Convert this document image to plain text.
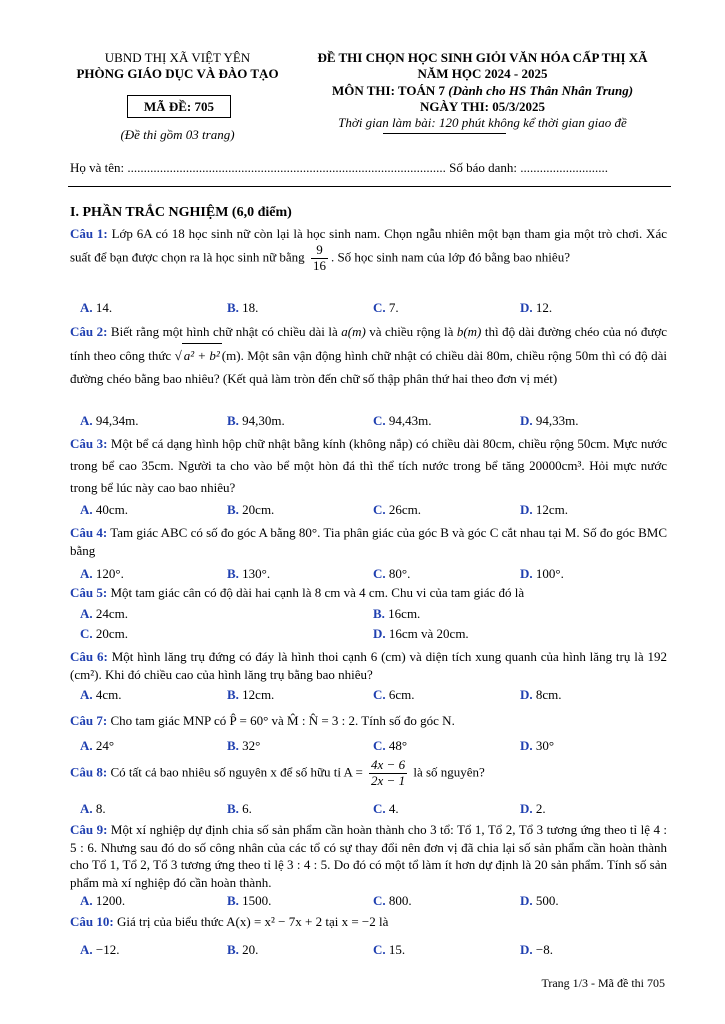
UBND THỊ XÃ VIỆT YÊN
PHÒNG GIÁO DỤC VÀ ĐÀO TẠO
MÃ ĐỀ: 705
(Đề thi gồm 03 trang)
ĐỀ THI CHỌN HỌC SINH GIỎI VĂN HÓA CẤP THỊ XÃ
NĂM HỌC 2024 - 2025
MÔN THI: TOÁN 7 (Dành cho HS Thân Nhân Trung)
NGÀY THI: 05/3/2025
Thời gian làm bài: 120 phút không kể thời gian giao đề
Họ và tên: .................................................................................................. Số báo danh: ...........................
I. PHẦN TRẮC NGHIỆM (6,0 điểm)
Câu 1: Lớp 6A có 18 học sinh nữ còn lại là học sinh nam. Chọn ngẫu nhiên một bạn tham gia một trò chơi. Xác suất để bạn được chọn ra là học sinh nữ bằng $\frac{9}{16}$ . Số học sinh nam của lớp đó bằng bao nhiêu?
A. 14.	B. 18.	C. 7.	D. 12.
Câu 2: Biết rằng một hình chữ nhật có chiều dài là a(m) và chiều rộng là b(m) thì độ dài đường chéo của nó được tính theo công thức √ a² + b² (m). Một sân vận động hình chữ nhật có chiều dài 80m, chiều rộng 50m thì có độ dài đường chéo bằng bao nhiêu? (Kết quả làm tròn đến chữ số thập phân thứ hai theo đơn vị mét)
A. 94,34m.	B. 94,30m.	C. 94,43m.	D. 94,33m.
Câu 3: Một bể cá dạng hình hộp chữ nhật bằng kính (không nắp) có chiều dài 80cm, chiều rộng 50cm. Mực nước trong bể cao 35cm. Người ta cho vào bể một hòn đá thì thể tích nước trong bể tăng 20000cm³. Hỏi mực nước trong bể lúc này cao bao nhiêu?
A. 40cm.	B. 20cm.	C. 26cm.	D. 12cm.
Câu 4: Tam giác ABC có số đo góc A bằng 80°. Tia phân giác của góc B và góc C cắt nhau tại M. Số đo góc BMC bằng
A. 120°.	B. 130°.	C. 80°.	D. 100°.
Câu 5: Một tam giác cân có độ dài hai cạnh là 8 cm và 4 cm. Chu vi của tam giác đó là
A. 24cm.	B. 16cm.
C. 20cm.	D. 16cm và 20cm.
Câu 6: Một hình lăng trụ đứng có đáy là hình thoi cạnh 6 (cm) và diện tích xung quanh của hình lăng trụ là 192 (cm²). Khi đó chiều cao của hình lăng trụ bằng bao nhiêu?
A. 4cm.	B. 12cm.	C. 6cm.	D. 8cm.
Câu 7: Cho tam giác MNP có P̂ = 60° và M̂ : N̂ = 3 : 2. Tính số đo góc N.
A. 24°	B. 32°	C. 48°	D. 30°
Câu 8: Có tất cả bao nhiêu số nguyên x để số hữu tỉ $A = \frac{4x - 6}{2x - 1}$ là số nguyên?
A. 8.	B. 6.	C. 4.	D. 2.
Câu 9: Một xí nghiệp dự định chia số sản phẩm cần hoàn thành cho 3 tổ: Tổ 1, Tổ 2, Tổ 3 tương ứng theo tỉ lệ 4 : 5 : 6. Nhưng sau đó do số công nhân của các tổ có sự thay đổi nên đơn vị đã chia lại số sản phẩm cần hoàn thành cho Tổ 1, Tổ 2, Tổ 3 tương ứng theo tỉ lệ 3 : 4 : 5. Do đó có một tổ làm ít hơn dự định là 20 sản phẩm. Tính số sản phẩm mà xí nghiệp đó cần hoàn thành.
A. 1200.	B. 1500.	C. 800.	D. 500.
Câu 10: Giá trị của biểu thức A(x) = x² − 7x + 2 tại x = −2 là
A. −12.	B. 20.	C. 15.	D. −8.
Trang 1/3 - Mã đề thi 705
